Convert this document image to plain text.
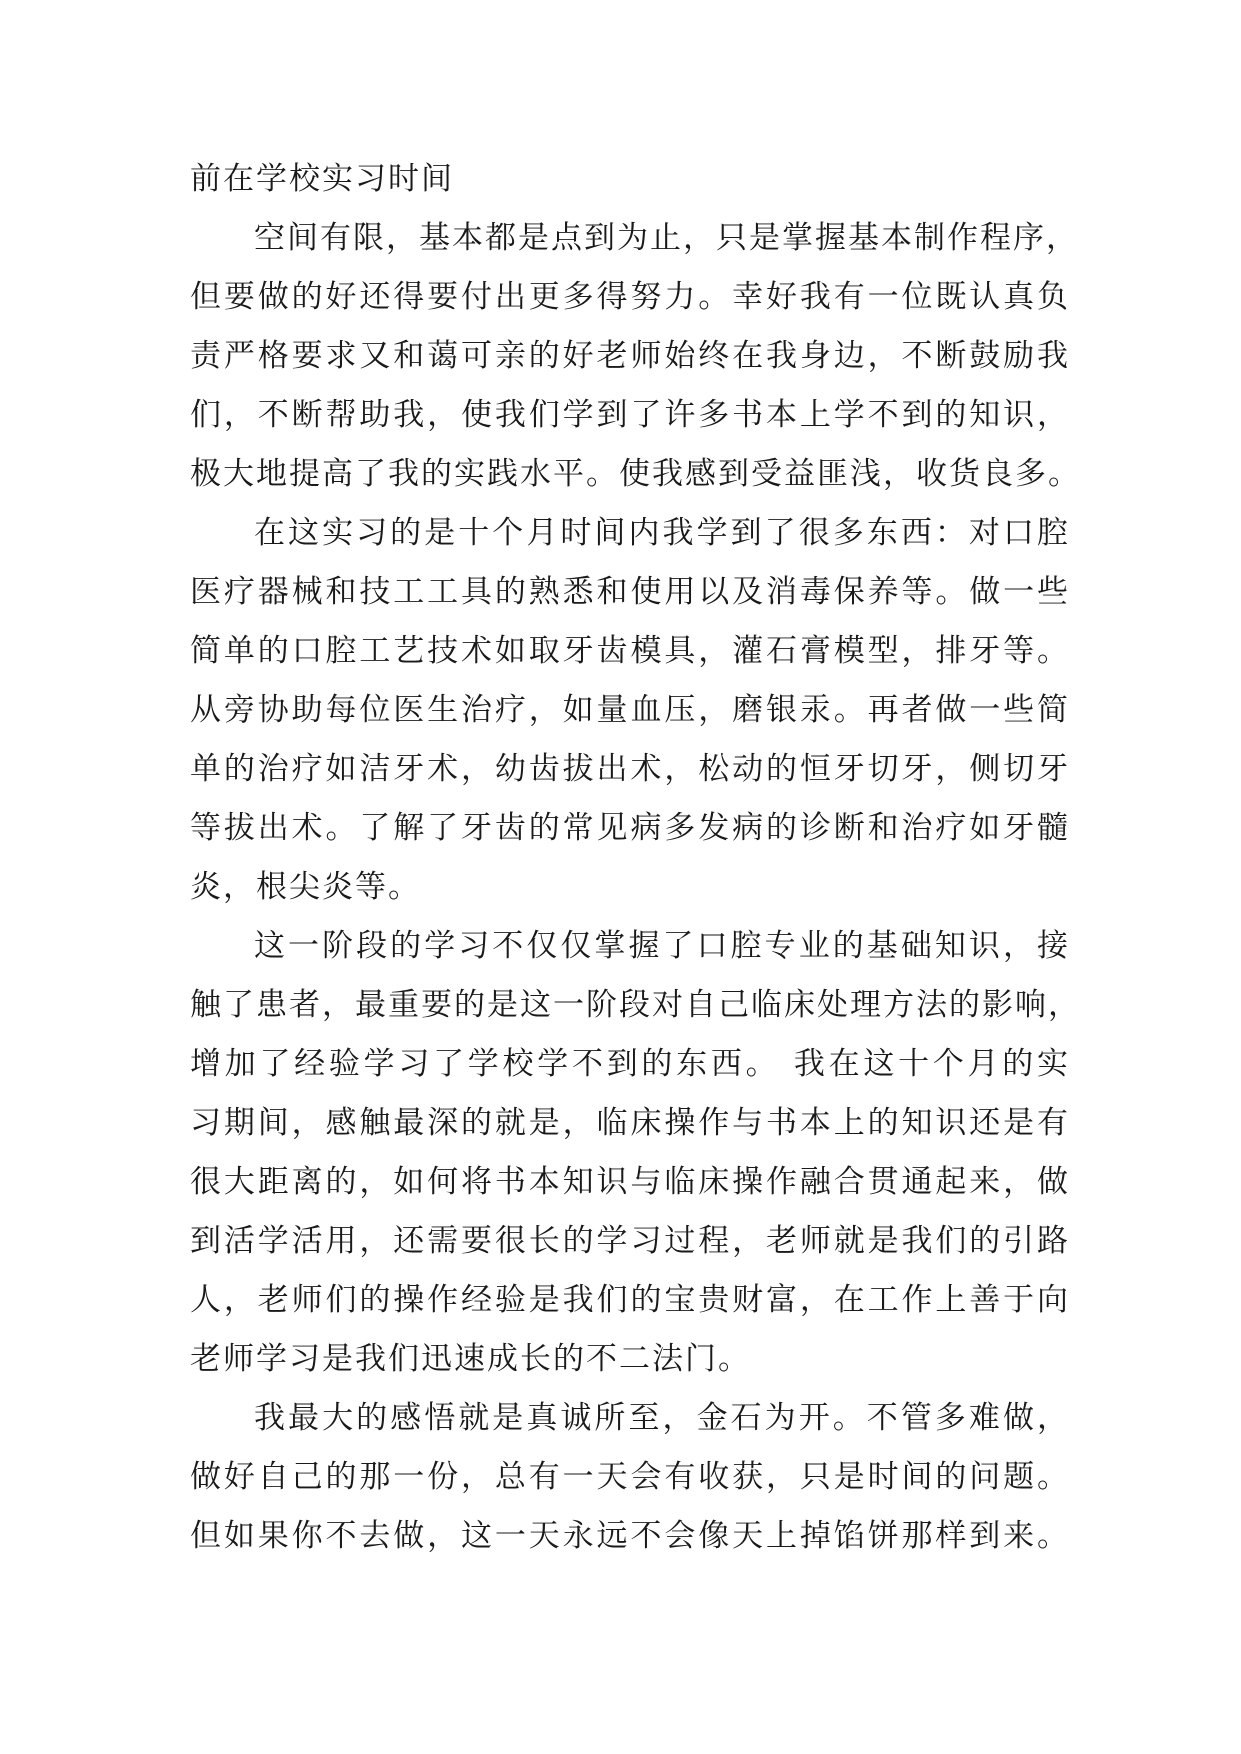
前在学校实习时间
空间有限，基本都是点到为止，只是掌握基本制作程序，
但要做的好还得要付出更多得努力。幸好我有一位既认真负
责严格要求又和蔼可亲的好老师始终在我身边，不断鼓励我
们，不断帮助我，使我们学到了许多书本上学不到的知识，
极大地提高了我的实践水平。使我感到受益匪浅，收货良多。
在这实习的是十个月时间内我学到了很多东西：对口腔
医疗器械和技工工具的熟悉和使用以及消毒保养等。做一些
简单的口腔工艺技术如取牙齿模具，灌石膏模型，排牙等。
从旁协助每位医生治疗，如量血压，磨银汞。再者做一些简
单的治疗如洁牙术，幼齿拔出术，松动的恒牙切牙，侧切牙
等拔出术。了解了牙齿的常见病多发病的诊断和治疗如牙髓
炎，根尖炎等。
这一阶段的学习不仅仅掌握了口腔专业的基础知识，接
触了患者，最重要的是这一阶段对自己临床处理方法的影响，
增加了经验学习了学校学不到的东西。 我在这十个月的实
习期间，感触最深的就是，临床操作与书本上的知识还是有
很大距离的，如何将书本知识与临床操作融合贯通起来，做
到活学活用，还需要很长的学习过程，老师就是我们的引路
人，老师们的操作经验是我们的宝贵财富，在工作上善于向
老师学习是我们迅速成长的不二法门。
我最大的感悟就是真诚所至，金石为开。不管多难做，
做好自己的那一份，总有一天会有收获，只是时间的问题。
但如果你不去做，这一天永远不会像天上掉馅饼那样到来。
